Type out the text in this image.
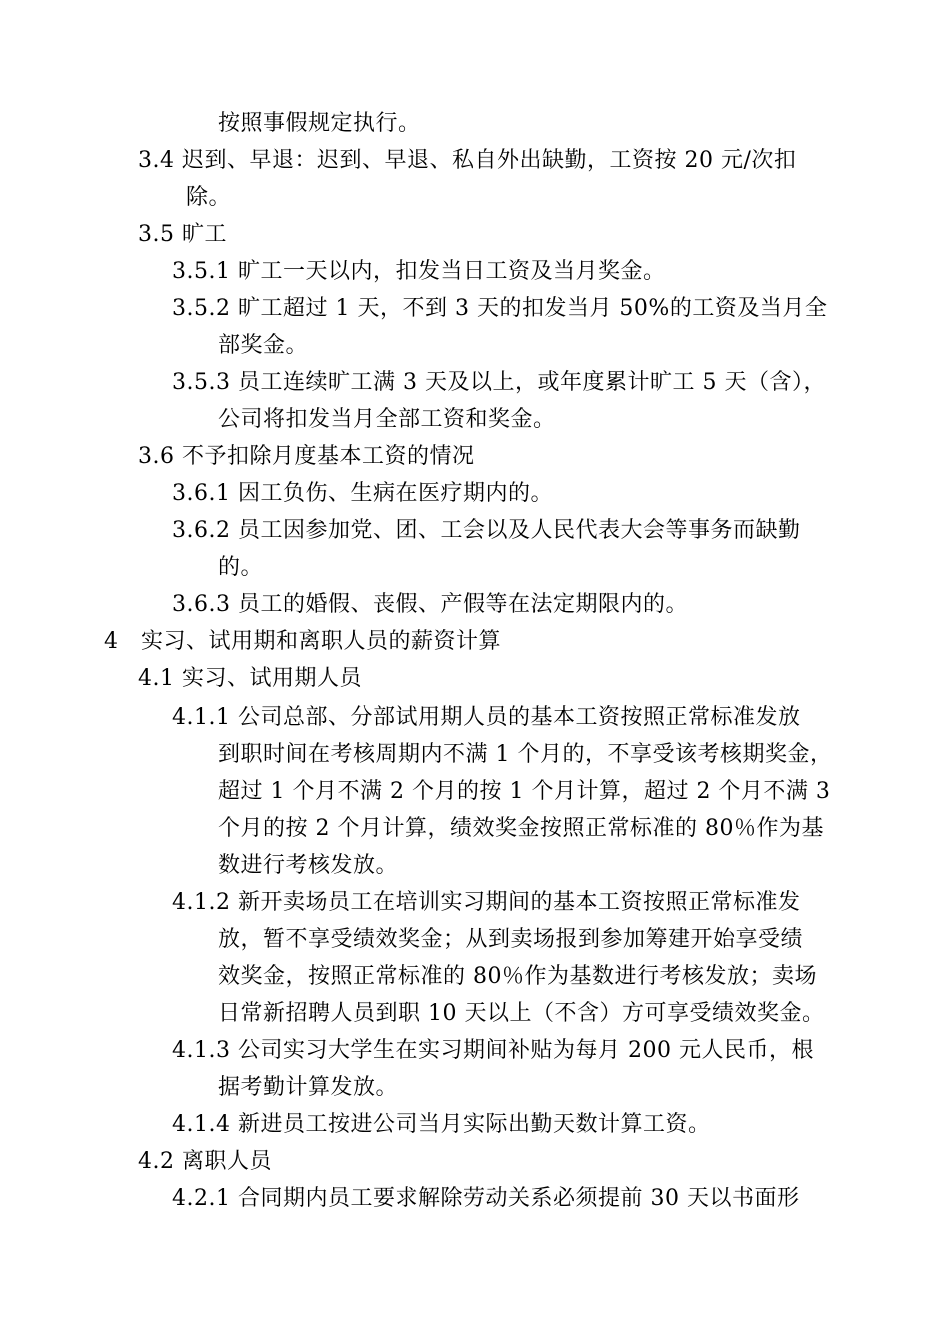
按照事假规定执行。
3.4 迟到、早退：迟到、早退、私自外出缺勤，工资按 20 元/次扣
除。
3.5 旷工
3.5.1 旷工一天以内，扣发当日工资及当月奖金。
3.5.2 旷工超过 1 天，不到 3 天的扣发当月 50%的工资及当月全
部奖金。
3.5.3 员工连续旷工满 3 天及以上，或年度累计旷工 5 天（含），
公司将扣发当月全部工资和奖金。
3.6 不予扣除月度基本工资的情况
3.6.1 因工负伤、生病在医疗期内的。
3.6.2 员工因参加党、团、工会以及人民代表大会等事务而缺勤
的。
3.6.3 员工的婚假、丧假、产假等在法定期限内的。
4　实习、试用期和离职人员的薪资计算
4.1 实习、试用期人员
4.1.1 公司总部、分部试用期人员的基本工资按照正常标准发放
到职时间在考核周期内不满 1 个月的，不享受该考核期奖金，
超过 1 个月不满 2 个月的按 1 个月计算，超过 2 个月不满 3
个月的按 2 个月计算，绩效奖金按照正常标准的 80％作为基
数进行考核发放。
4.1.2 新开卖场员工在培训实习期间的基本工资按照正常标准发
放，暂不享受绩效奖金；从到卖场报到参加筹建开始享受绩
效奖金，按照正常标准的 80％作为基数进行考核发放；卖场
日常新招聘人员到职 10 天以上（不含）方可享受绩效奖金。
4.1.3 公司实习大学生在实习期间补贴为每月 200 元人民币，根
据考勤计算发放。
4.1.4 新进员工按进公司当月实际出勤天数计算工资。
4.2 离职人员
4.2.1 合同期内员工要求解除劳动关系必须提前 30 天以书面形
